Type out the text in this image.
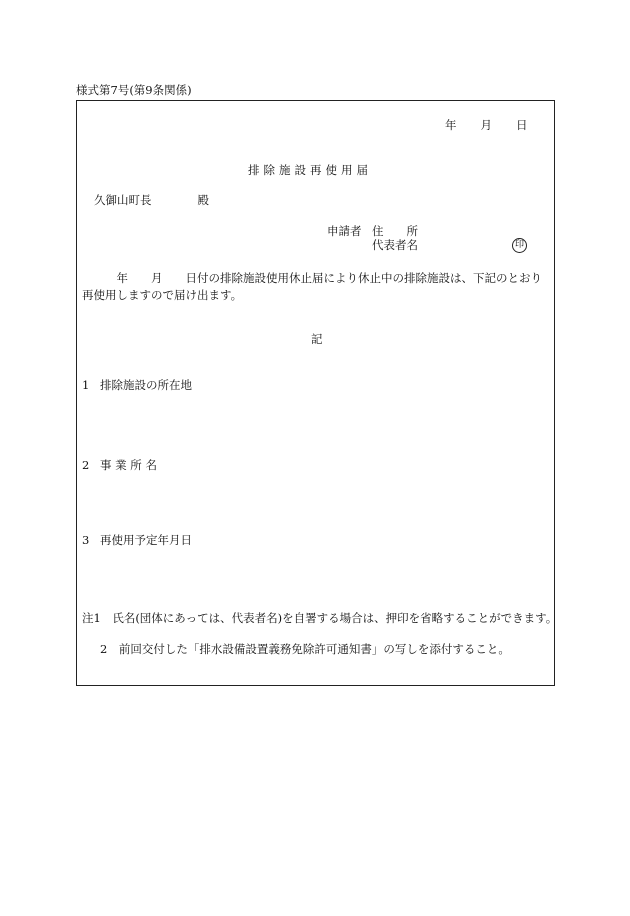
様式第7号(第9条関係)
年 月 日
排除施設再使用届
久御山町長　　　　殿
申請者 住　　所
代表者名	印
　　　年　　月　　日付の排除施設使用休止届により休止中の排除施設は、下記のとおり再使用しますので届け出ます。
記
1 排除施設の所在地
2 事 業 所 名
3 再使用予定年月日
注1　氏名(団体にあっては、代表者名)を自署する場合は、押印を省略することができます。
2　前回交付した「排水設備設置義務免除許可通知書」の写しを添付すること。
